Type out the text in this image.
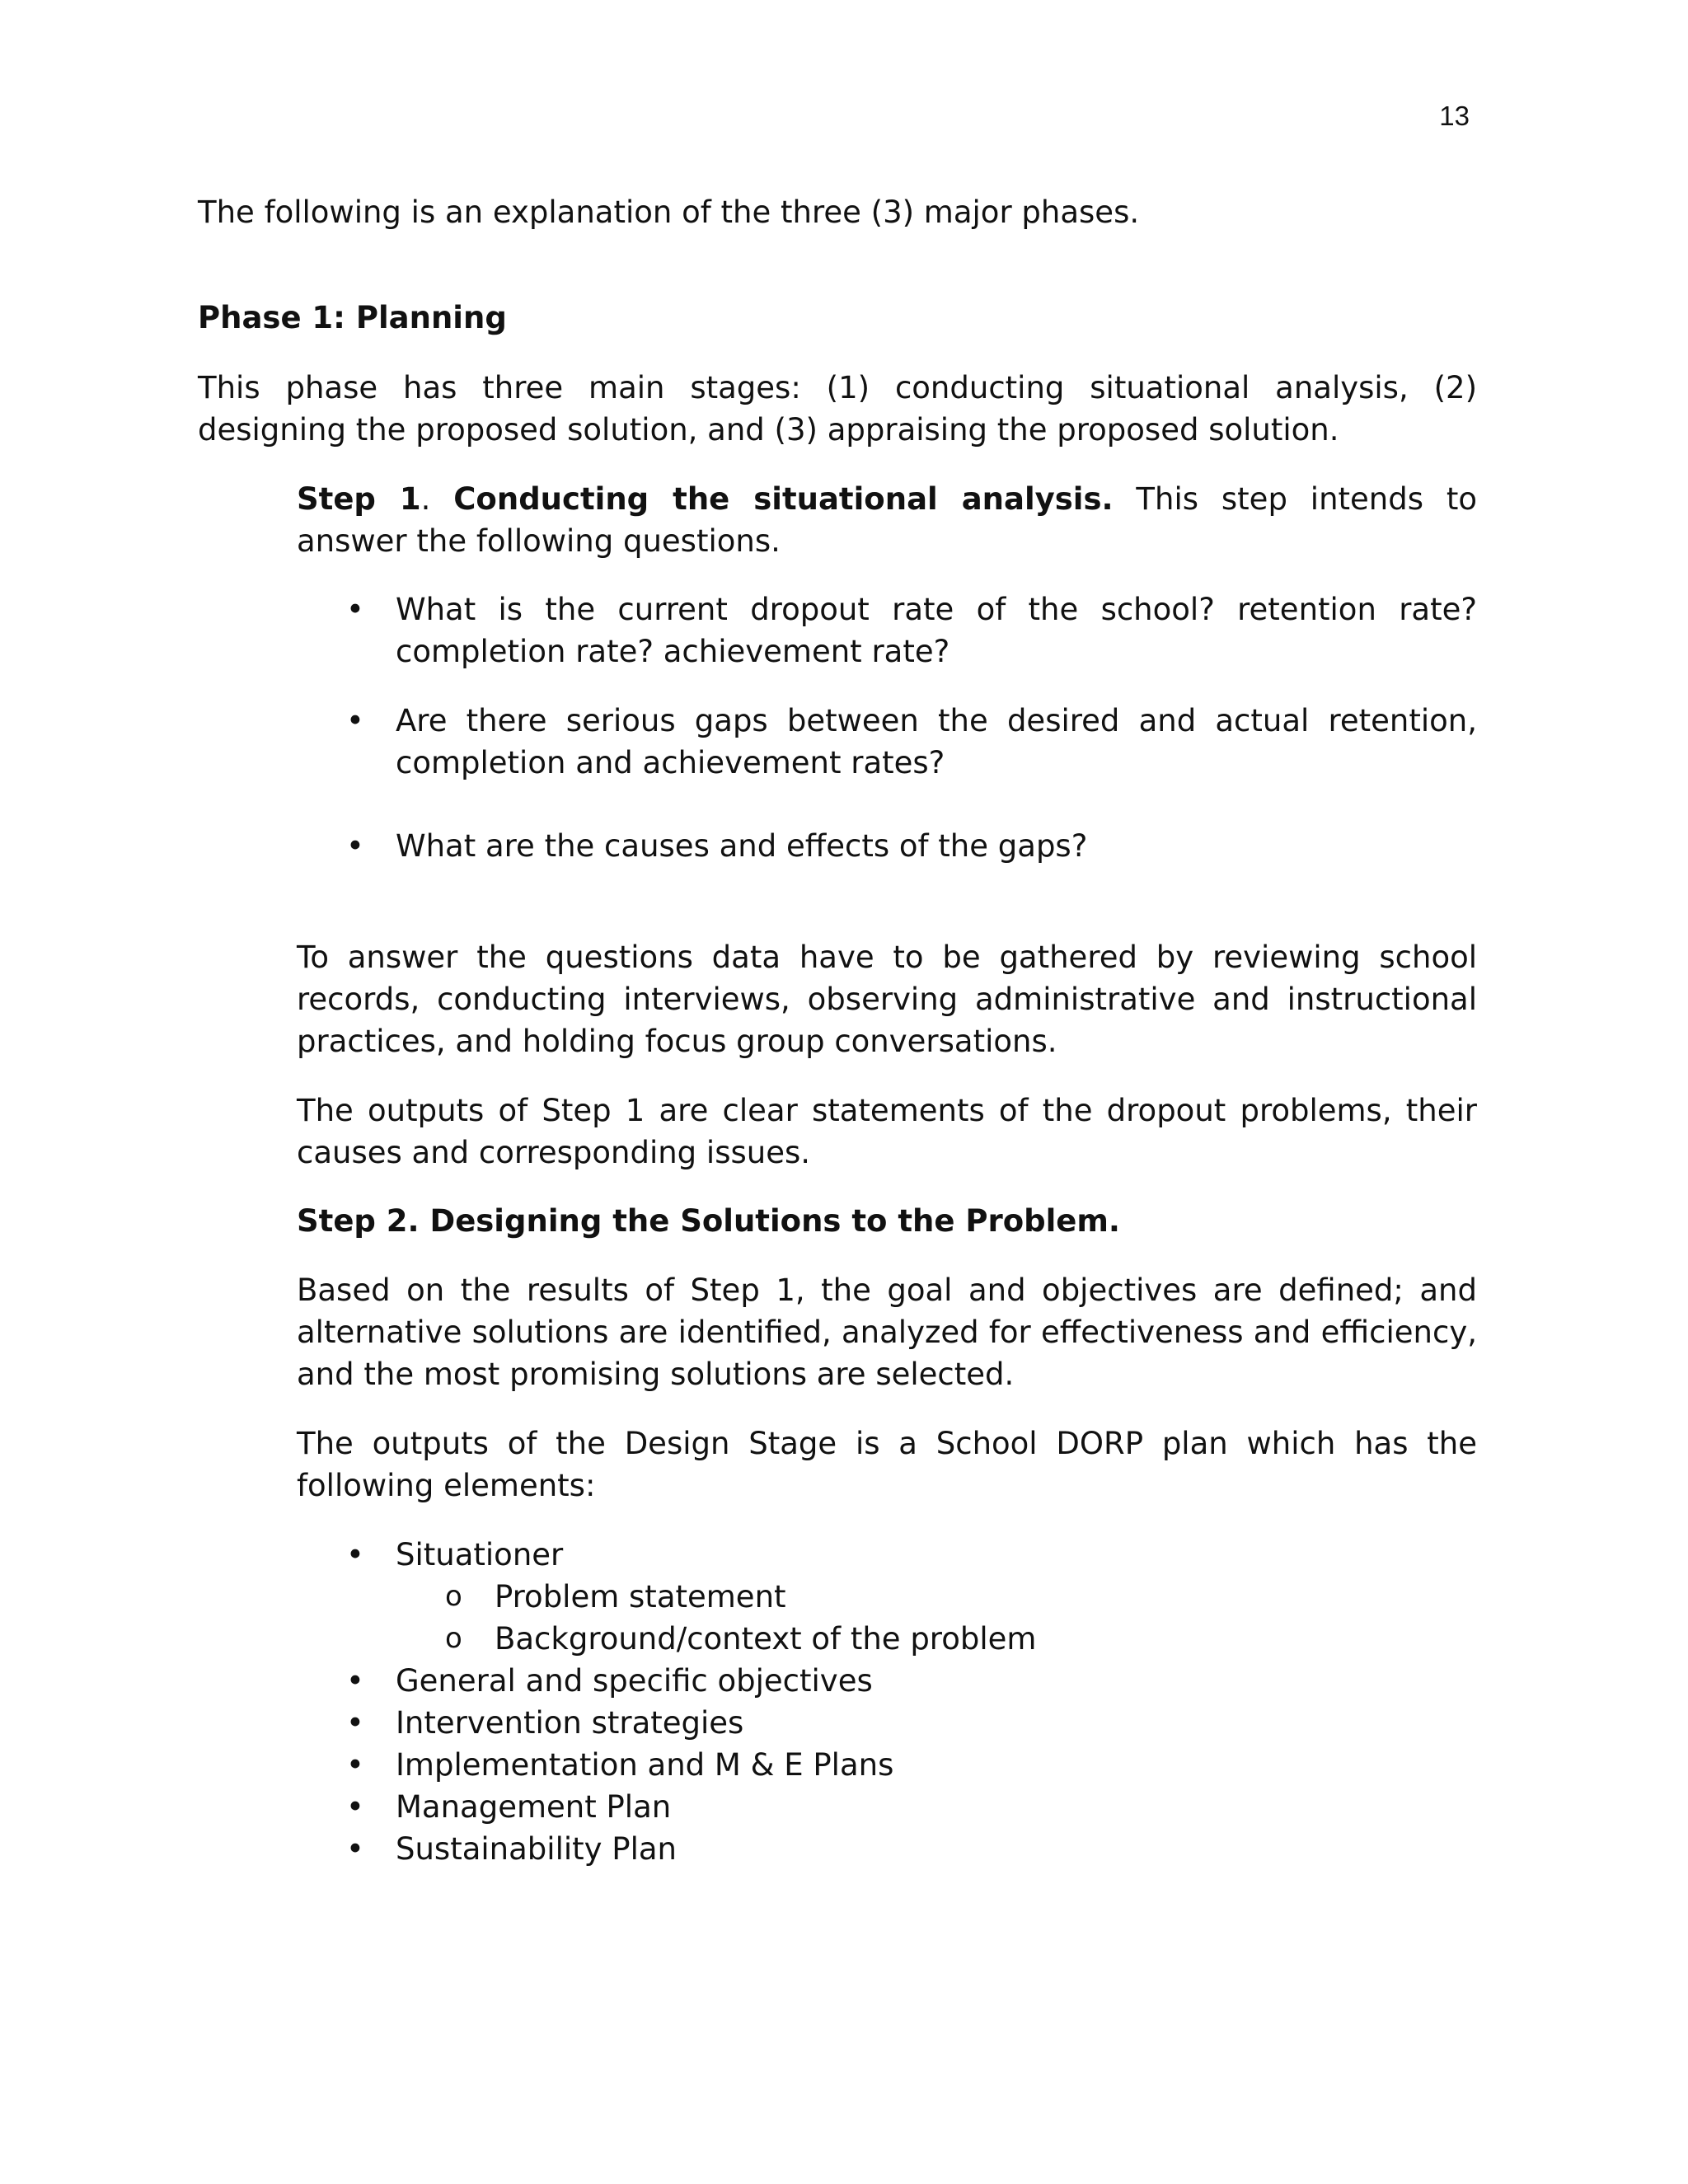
13

The following is an explanation of the three (3) major phases.

Phase 1: Planning

This phase has three main stages: (1) conducting situational analysis, (2) designing the proposed solution, and (3) appraising the proposed solution.

Step 1. Conducting the situational analysis. This step intends to answer the following questions.

• What is the current dropout rate of the school? retention rate? completion rate? achievement rate?
• Are there serious gaps between the desired and actual retention, completion and achievement rates?
• What are the causes and effects of the gaps?

To answer the questions data have to be gathered by reviewing school records, conducting interviews, observing administrative and instructional practices, and holding focus group conversations.

The outputs of Step 1 are clear statements of the dropout problems, their causes and corresponding issues.

Step 2. Designing the Solutions to the Problem.

Based on the results of Step 1, the goal and objectives are defined; and alternative solutions are identified, analyzed for effectiveness and efficiency, and the most promising solutions are selected.

The outputs of the Design Stage is a School DORP plan which has the following elements:

• Situationer
o Problem statement
o Background/context of the problem
• General and specific objectives
• Intervention strategies
• Implementation and M & E Plans
• Management Plan
• Sustainability Plan
